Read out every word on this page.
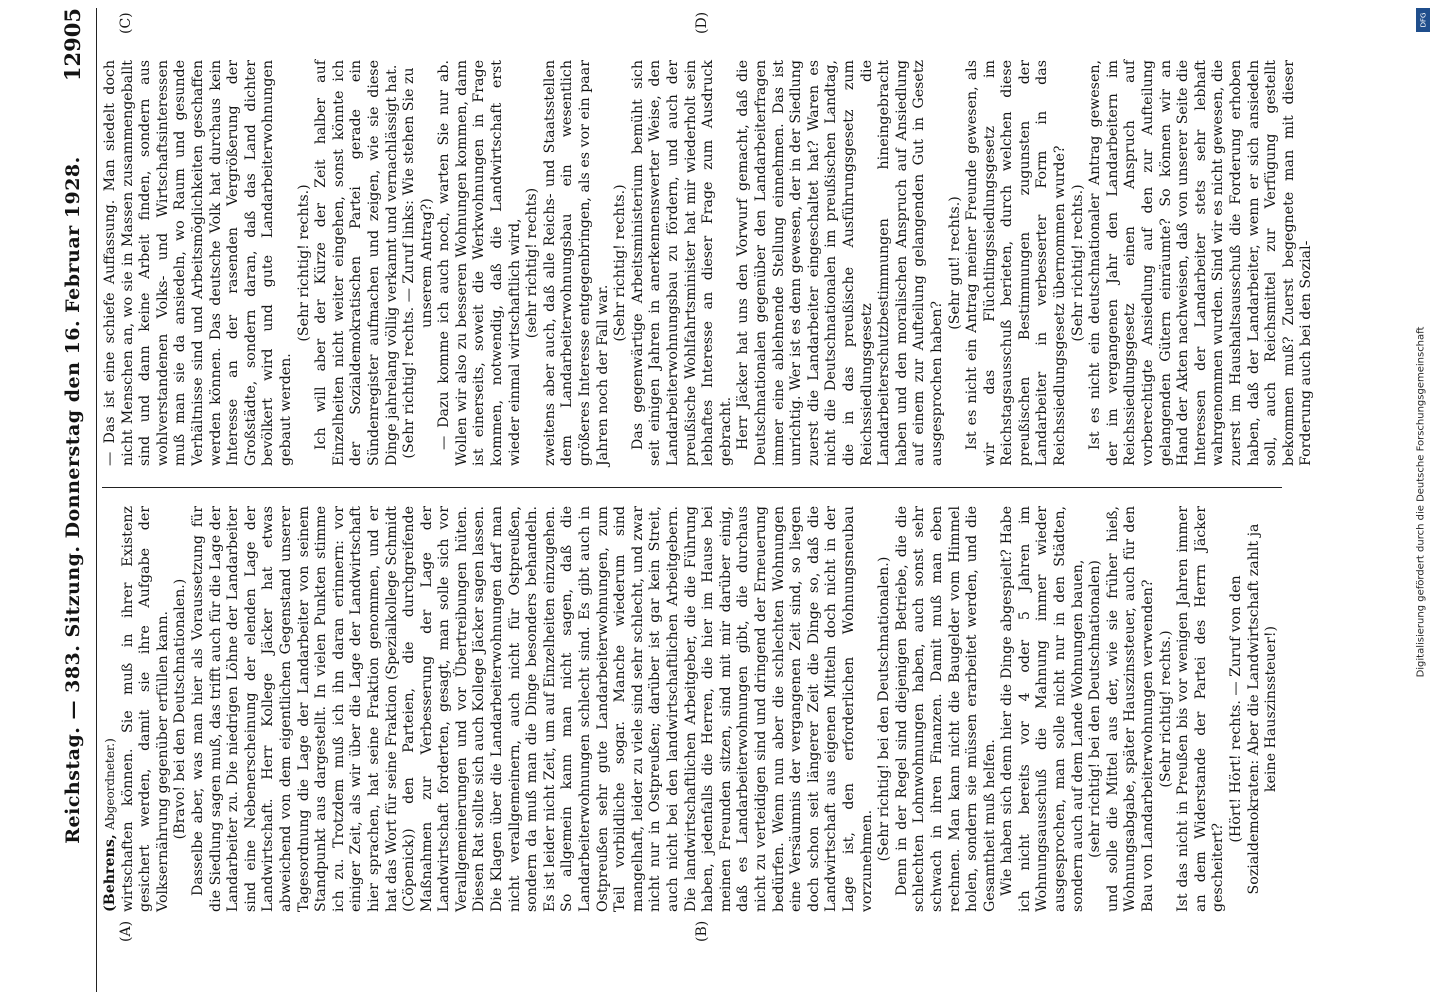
Reichstag. — 383. Sitzung. Donnerstag den 16. Februar 1928.
12905
(A)	(B)
(C)	(D)

(Behrens, Abgeordneter.) wirtschaften können. Sie muß in ihrer Existenz gesichert werden, damit sie ihre Aufgabe der Volksernährung gegenüber erfüllen kann. (Bravo! bei den Deutschnationalen.) Dasselbe aber, was man hier als Voraussetzung für die Siedlung sagen muß, das trifft auch für die Lage der Landarbeiter zu. Die niedrigen Löhne der Landarbeiter sind eine Nebenerscheinung der elenden Lage der Landwirtschaft. Herr Kollege Jäcker hat etwas abweichend von dem eigentlichen Gegenstand unserer Tagesordnung die Lage der Landarbeiter von seinem Standpunkt aus dargestellt. In vielen Punkten stimme ich zu. Trotzdem muß ich ihn daran erinnern: vor einiger Zeit, als wir über die Lage der Landwirtschaft hier sprachen, hat seine Fraktion genommen, und er hat das Wort für seine Fraktion (Spezialkollege Schmidt (Cöpenick)) den Parteien, die durchgreifende Maßnahmen zur Verbesserung der Lage der Landwirtschaft forderten, gesagt, man solle sich vor Verallgemeinerungen und vor Übertreibungen hüten. Diesen Rat sollte sich auch Kollege Jäcker sagen lassen. Die Klagen über die Landarbeiterwohnungen darf man nicht verallgemeinern, auch nicht für Ostpreußen, sondern da muß man die Dinge besonders behandeln. Es ist leider nicht Zeit, um auf Einzelheiten einzugehen. So allgemein kann man nicht sagen, daß die Landarbeiterwohnungen schlecht sind. Es gibt auch in Ostpreußen sehr gute Landarbeiterwohnungen, zum Teil vorbildliche sogar. Manche wiederum sind mangelhaft, leider zu viele sind sehr schlecht, und zwar nicht nur in Ostpreußen; darüber ist gar kein Streit, auch nicht bei den landwirtschaftlichen Arbeitgebern. Die landwirtschaftlichen Arbeitgeber, die die Führung haben, jedenfalls die Herren, die hier im Hause bei meinen Freunden sitzen, sind mit mir darüber einig, daß es Landarbeiterwohnungen gibt, die durchaus nicht zu verteidigen sind und dringend der Erneuerung bedürfen. Wenn nun aber die schlechten Wohnungen eine Versäumnis der vergangenen Zeit sind, so liegen doch schon seit längerer Zeit die Dinge so, daß die Landwirtschaft aus eigenen Mitteln doch nicht in der Lage ist, den erforderlichen Wohnungsneubau vorzunehmen. (Sehr richtig! bei den Deutschnationalen.) Denn in der Regel sind diejenigen Betriebe, die die schlechten Lohnwohnungen haben, auch sonst sehr schwach in ihren Finanzen. Damit muß man eben rechnen. Man kann nicht die Baugelder vom Himmel holen, sondern sie müssen erarbeitet werden, und die Gesamtheit muß helfen. Wie haben sich denn hier die Dinge abgespielt? Habe ich nicht bereits vor 4 oder 5 Jahren im Wohnungsausschuß die Mahnung immer wieder ausgesprochen, man solle nicht nur in den Städten, sondern auch auf dem Lande Wohnungen bauen, (sehr richtig! bei den Deutschnationalen) und solle die Mittel aus der, wie sie früher hieß, Wohnungsabgabe, später Hauszinssteuer, auch für den Bau von Landarbeiterwohnungen verwenden? (Sehr richtig! rechts.) Ist das nicht in Preußen bis vor wenigen Jahren immer an dem Widerstande der Partei des Herrn Jäcker gescheitert?

(Hört! Hört! rechts. — Zuruf von den Sozialdemokraten: Aber die Landwirtschaft zahlt ja keine Hauszinssteuer!)

— Das ist eine schiefe Auffassung. Man siedelt doch nicht Menschen an, wo sie in Massen zusammengeballt sind und dann keine Arbeit finden, sondern aus wohlverstandenen Volks- und Wirtschaftsinteressen muß man sie da ansiedeln, wo Raum und gesunde Verhältnisse sind und Arbeitsmöglichkeiten geschaffen werden können. Das deutsche Volk hat durchaus kein Interesse an der rasenden Vergrößerung der Großstädte, sondern daran, daß das Land dichter bevölkert wird und gute Landarbeiterwohnungen gebaut werden.

(Sehr richtig! rechts.) Ich will aber der Kürze der Zeit halber auf Einzelheiten nicht weiter eingehen, sonst könnte ich der Sozialdemokratischen Partei gerade ein Sündenregister aufmachen und zeigen, wie sie diese Dinge jahrelang völlig verkannt und vernachlässigt hat. (Sehr richtig! rechts. — Zuruf links: Wie stehen Sie zu unserem Antrag?) — Dazu komme ich auch noch, warten Sie nur ab. Wollen wir also zu besseren Wohnungen kommen, dann ist einerseits, soweit die Werkwohnungen in Frage kommen, notwendig, daß die Landwirtschaft erst wieder einmal wirtschaftlich wird, (sehr richtig! rechts) zweitens aber auch, daß alle Reichs- und Staatsstellen dem Landarbeiterwohnungsbau ein wesentlich größeres Interesse entgegenbringen, als es vor ein paar Jahren noch der Fall war.

(Sehr richtig! rechts.) Das gegenwärtige Arbeitsministerium bemüht sich seit einigen Jahren in anerkennenswerter Weise, den Landarbeiterwohnungsbau zu fördern, und auch der preußische Wohlfahrtsminister hat mir wiederholt sein lebhaftes Interesse an dieser Frage zum Ausdruck gebracht. Herr Jäcker hat uns den Vorwurf gemacht, daß die Deutschnationalen gegenüber den Landarbeiterfragen immer eine ablehnende Stellung einnehmen. Das ist unrichtig. Wer ist es denn gewesen, der in der Siedlung zuerst die Landarbeiter eingeschaltet hat? Waren es nicht die Deutschnationalen im preußischen Landtag, die in das preußische Ausführungsgesetz zum Reichssiedlungsgesetz die Landarbeiterschutzbestimmungen hineingebracht haben und den moralischen Anspruch auf Ansiedlung auf einem zur Aufteilung gelangenden Gut in Gesetz ausgesprochen haben?

(Sehr gut! rechts.) Ist es nicht ein Antrag meiner Freunde gewesen, als wir das Flüchtlingssiedlungsgesetz im Reichstagsausschuß berieten, durch welchen diese preußischen Bestimmungen zugunsten der Landarbeiter in verbesserter Form in das Reichssiedlungsgesetz übernommen wurde? (Sehr richtig! rechts.) Ist es nicht ein deutschnationaler Antrag gewesen, der im vergangenen Jahr den Landarbeitern im Reichssiedlungsgesetz einen Anspruch auf vorberechtigte Ansiedlung auf den zur Aufteilung gelangenden Gütern einräumte? So können wir an Hand der Akten nachweisen, daß von unserer Seite die Interessen der Landarbeiter stets sehr lebhaft wahrgenommen wurden. Sind wir es nicht gewesen, die zuerst im Haushaltsausschuß die Forderung erhoben haben, daß der Landarbeiter, wenn er sich ansiedeln soll, auch Reichsmittel zur Verfügung gestellt bekommen muß? Zuerst begegnete man mit dieser Forderung auch bei den Sozial-	Digitalisierung gefördert durch die Deutsche Forschungsgemeinschaft
DFG
